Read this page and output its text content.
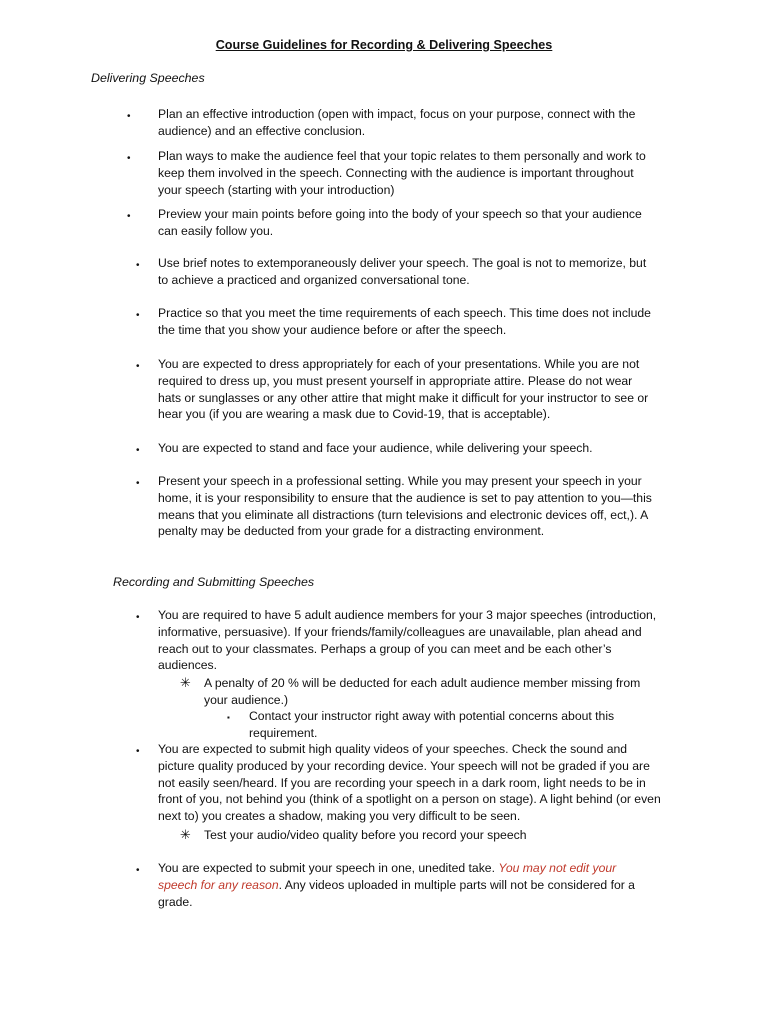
Course Guidelines for Recording & Delivering Speeches
Delivering Speeches
• Plan an effective introduction (open with impact, focus on your purpose, connect with the audience) and an effective conclusion.
• Plan ways to make the audience feel that your topic relates to them personally and work to keep them involved in the speech. Connecting with the audience is important throughout your speech (starting with your introduction)
• Preview your main points before going into the body of your speech so that your audience can easily follow you.
• Use brief notes to extemporaneously deliver your speech. The goal is not to memorize, but to achieve a practiced and organized conversational tone.
• Practice so that you meet the time requirements of each speech. This time does not include the time that you show your audience before or after the speech.
• You are expected to dress appropriately for each of your presentations. While you are not required to dress up, you must present yourself in appropriate attire. Please do not wear hats or sunglasses or any other attire that might make it difficult for your instructor to see or hear you (if you are wearing a mask due to Covid-19, that is acceptable).
• You are expected to stand and face your audience, while delivering your speech.
• Present your speech in a professional setting. While you may present your speech in your home, it is your responsibility to ensure that the audience is set to pay attention to you—this means that you eliminate all distractions (turn televisions and electronic devices off, ect,). A penalty may be deducted from your grade for a distracting environment.
Recording and Submitting Speeches
• You are required to have 5 adult audience members for your 3 major speeches (introduction, informative, persuasive). If your friends/family/colleagues are unavailable, plan ahead and reach out to your classmates. Perhaps a group of you can meet and be each other’s audiences.
✳ A penalty of 20 % will be deducted for each adult audience member missing from your audience.)
▪ Contact your instructor right away with potential concerns about this requirement.
• You are expected to submit high quality videos of your speeches. Check the sound and picture quality produced by your recording device. Your speech will not be graded if you are not easily seen/heard. If you are recording your speech in a dark room, light needs to be in front of you, not behind you (think of a spotlight on a person on stage). A light behind (or even next to) you creates a shadow, making you very difficult to be seen.
✳ Test your audio/video quality before you record your speech
• You are expected to submit your speech in one, unedited take. You may not edit your speech for any reason. Any videos uploaded in multiple parts will not be considered for a grade.
